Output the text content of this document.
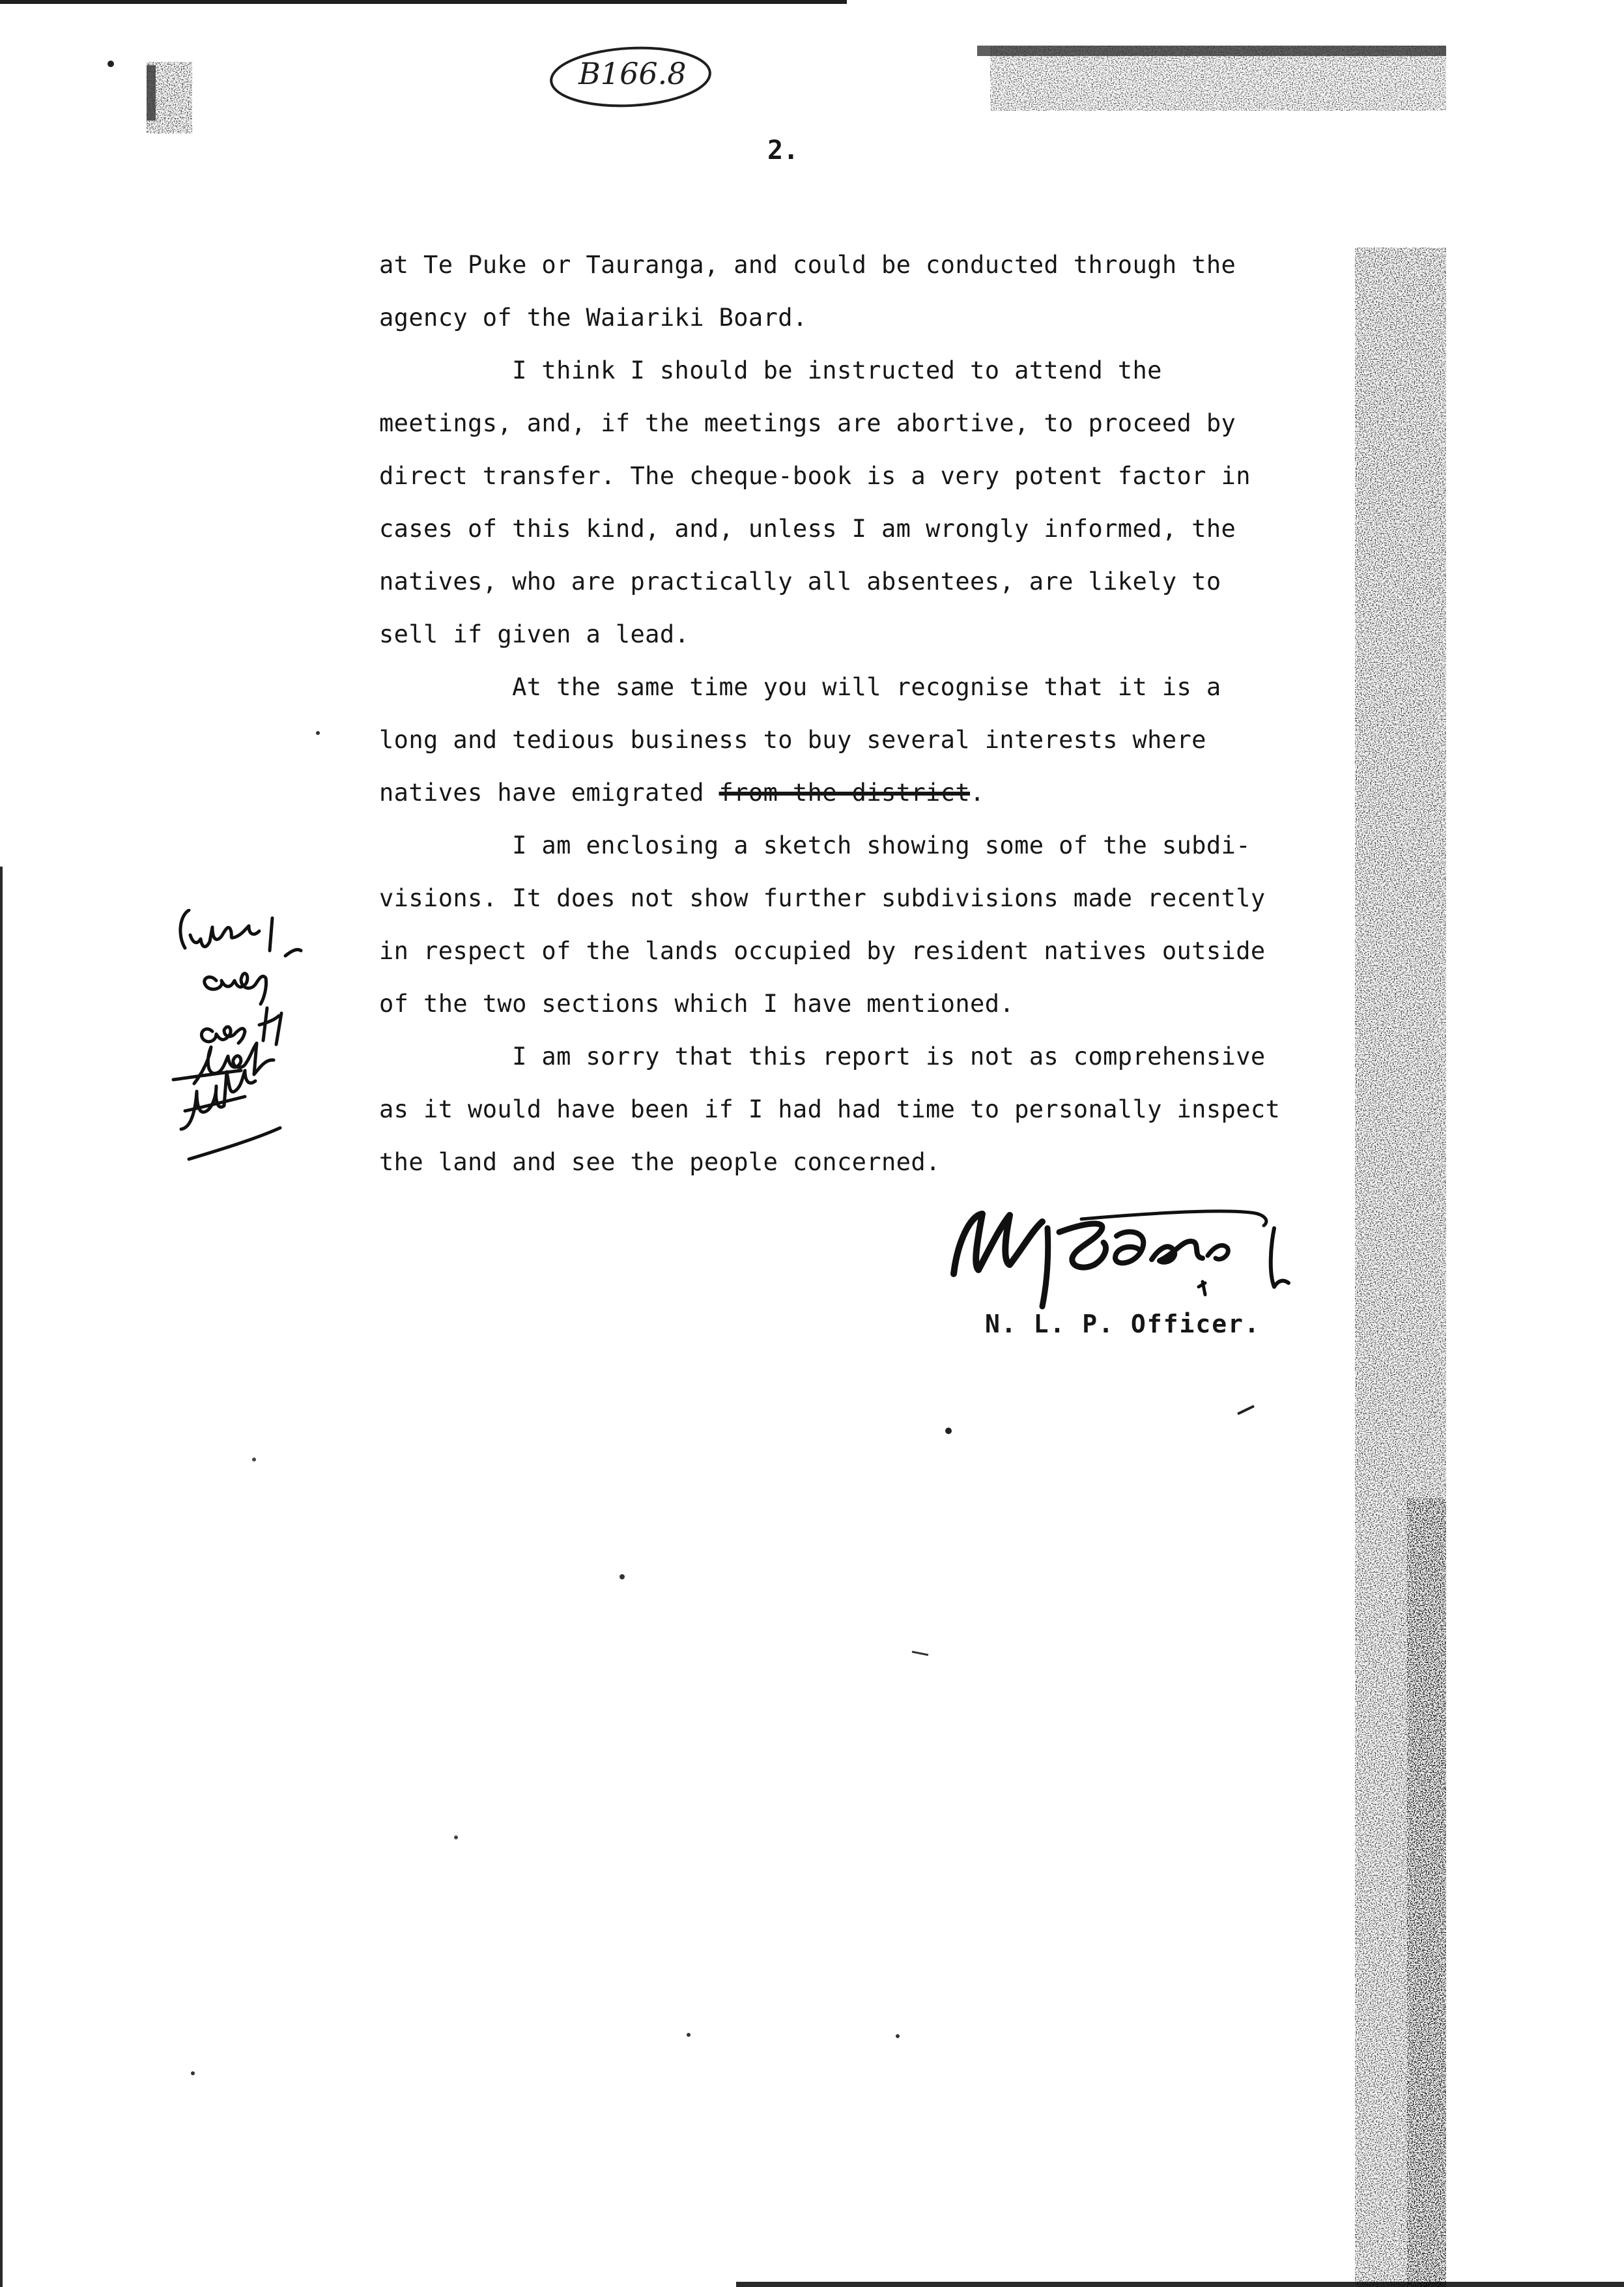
B166.8
2.
at Te Puke or Tauranga, and could be conducted through the
agency of the Waiariki Board.
I think I should be instructed to attend the
meetings, and, if the meetings are abortive, to proceed by
direct transfer. The cheque-book is a very potent factor in
cases of this kind, and, unless I am wrongly informed, the
natives, who are practically all absentees, are likely to
sell if given a lead.
At the same time you will recognise that it is a
long and tedious business to buy several interests where
natives have emigrated from the district.
I am enclosing a sketch showing some of the subdi-
visions. It does not show further subdivisions made recently
in respect of the lands occupied by resident natives outside
of the two sections which I have mentioned.
I am sorry that this report is not as comprehensive
as it would have been if I had had time to personally inspect
the land and see the people concerned.
N. L. P. Officer.
